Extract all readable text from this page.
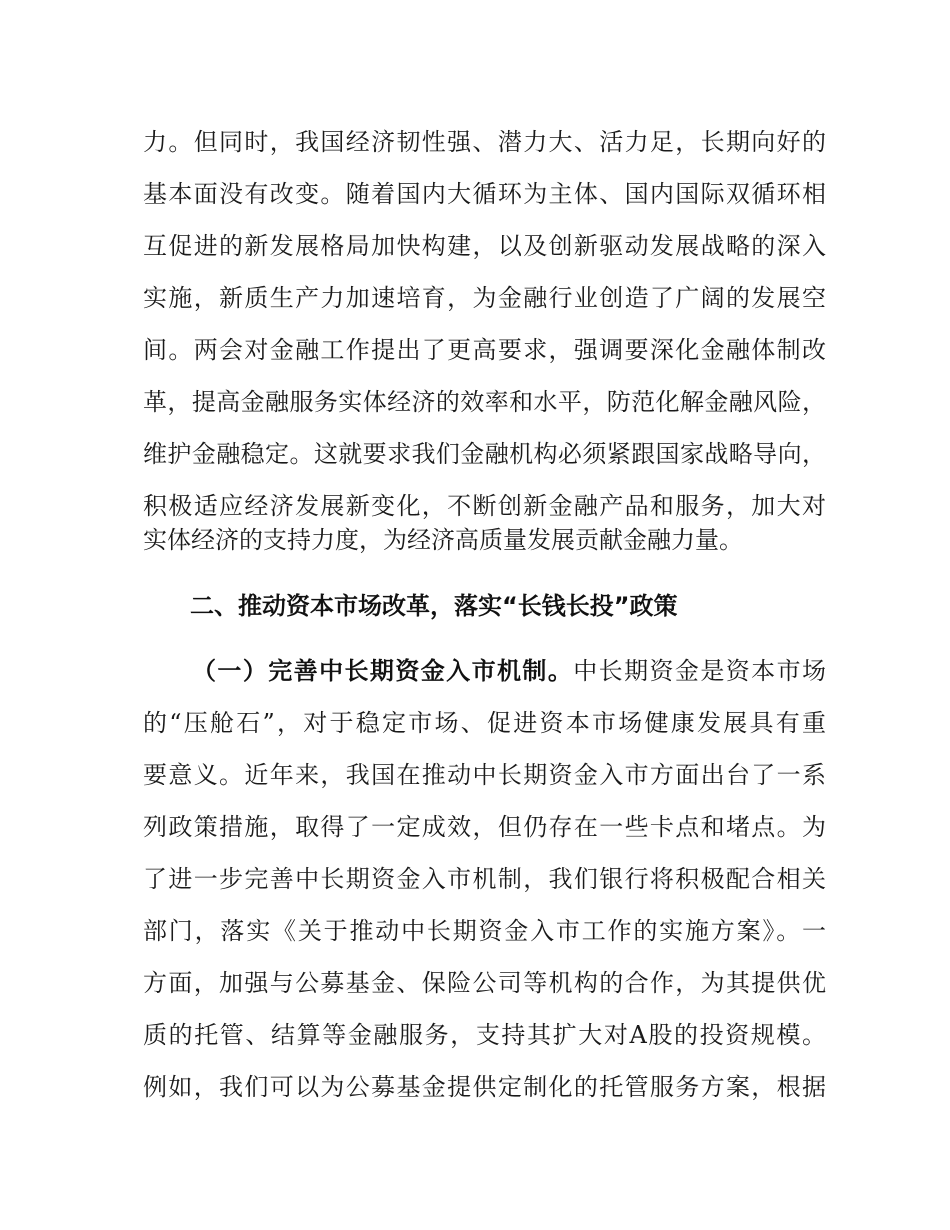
力。但同时，我国经济韧性强、潜力大、活力足，长期向好的
基本面没有改变。随着国内大循环为主体、国内国际双循环相
互促进的新发展格局加快构建，以及创新驱动发展战略的深入
实施，新质生产力加速培育，为金融行业创造了广阔的发展空
间。两会对金融工作提出了更高要求，强调要深化金融体制改
革，提高金融服务实体经济的效率和水平，防范化解金融风险，
维护金融稳定。这就要求我们金融机构必须紧跟国家战略导向，
积极适应经济发展新变化，不断创新金融产品和服务，加大对
实体经济的支持力度，为经济高质量发展贡献金融力量。
二、推动资本市场改革，落实“长钱长投”政策
（一）完善中长期资金入市机制。中长期资金是资本市场
的“压舱石”，对于稳定市场、促进资本市场健康发展具有重
要意义。近年来，我国在推动中长期资金入市方面出台了一系
列政策措施，取得了一定成效，但仍存在一些卡点和堵点。为
了进一步完善中长期资金入市机制，我们银行将积极配合相关
部门，落实《关于推动中长期资金入市工作的实施方案》。一
方面，加强与公募基金、保险公司等机构的合作，为其提供优
质的托管、结算等金融服务，支持其扩大对A股的投资规模。
例如，我们可以为公募基金提供定制化的托管服务方案，根据
